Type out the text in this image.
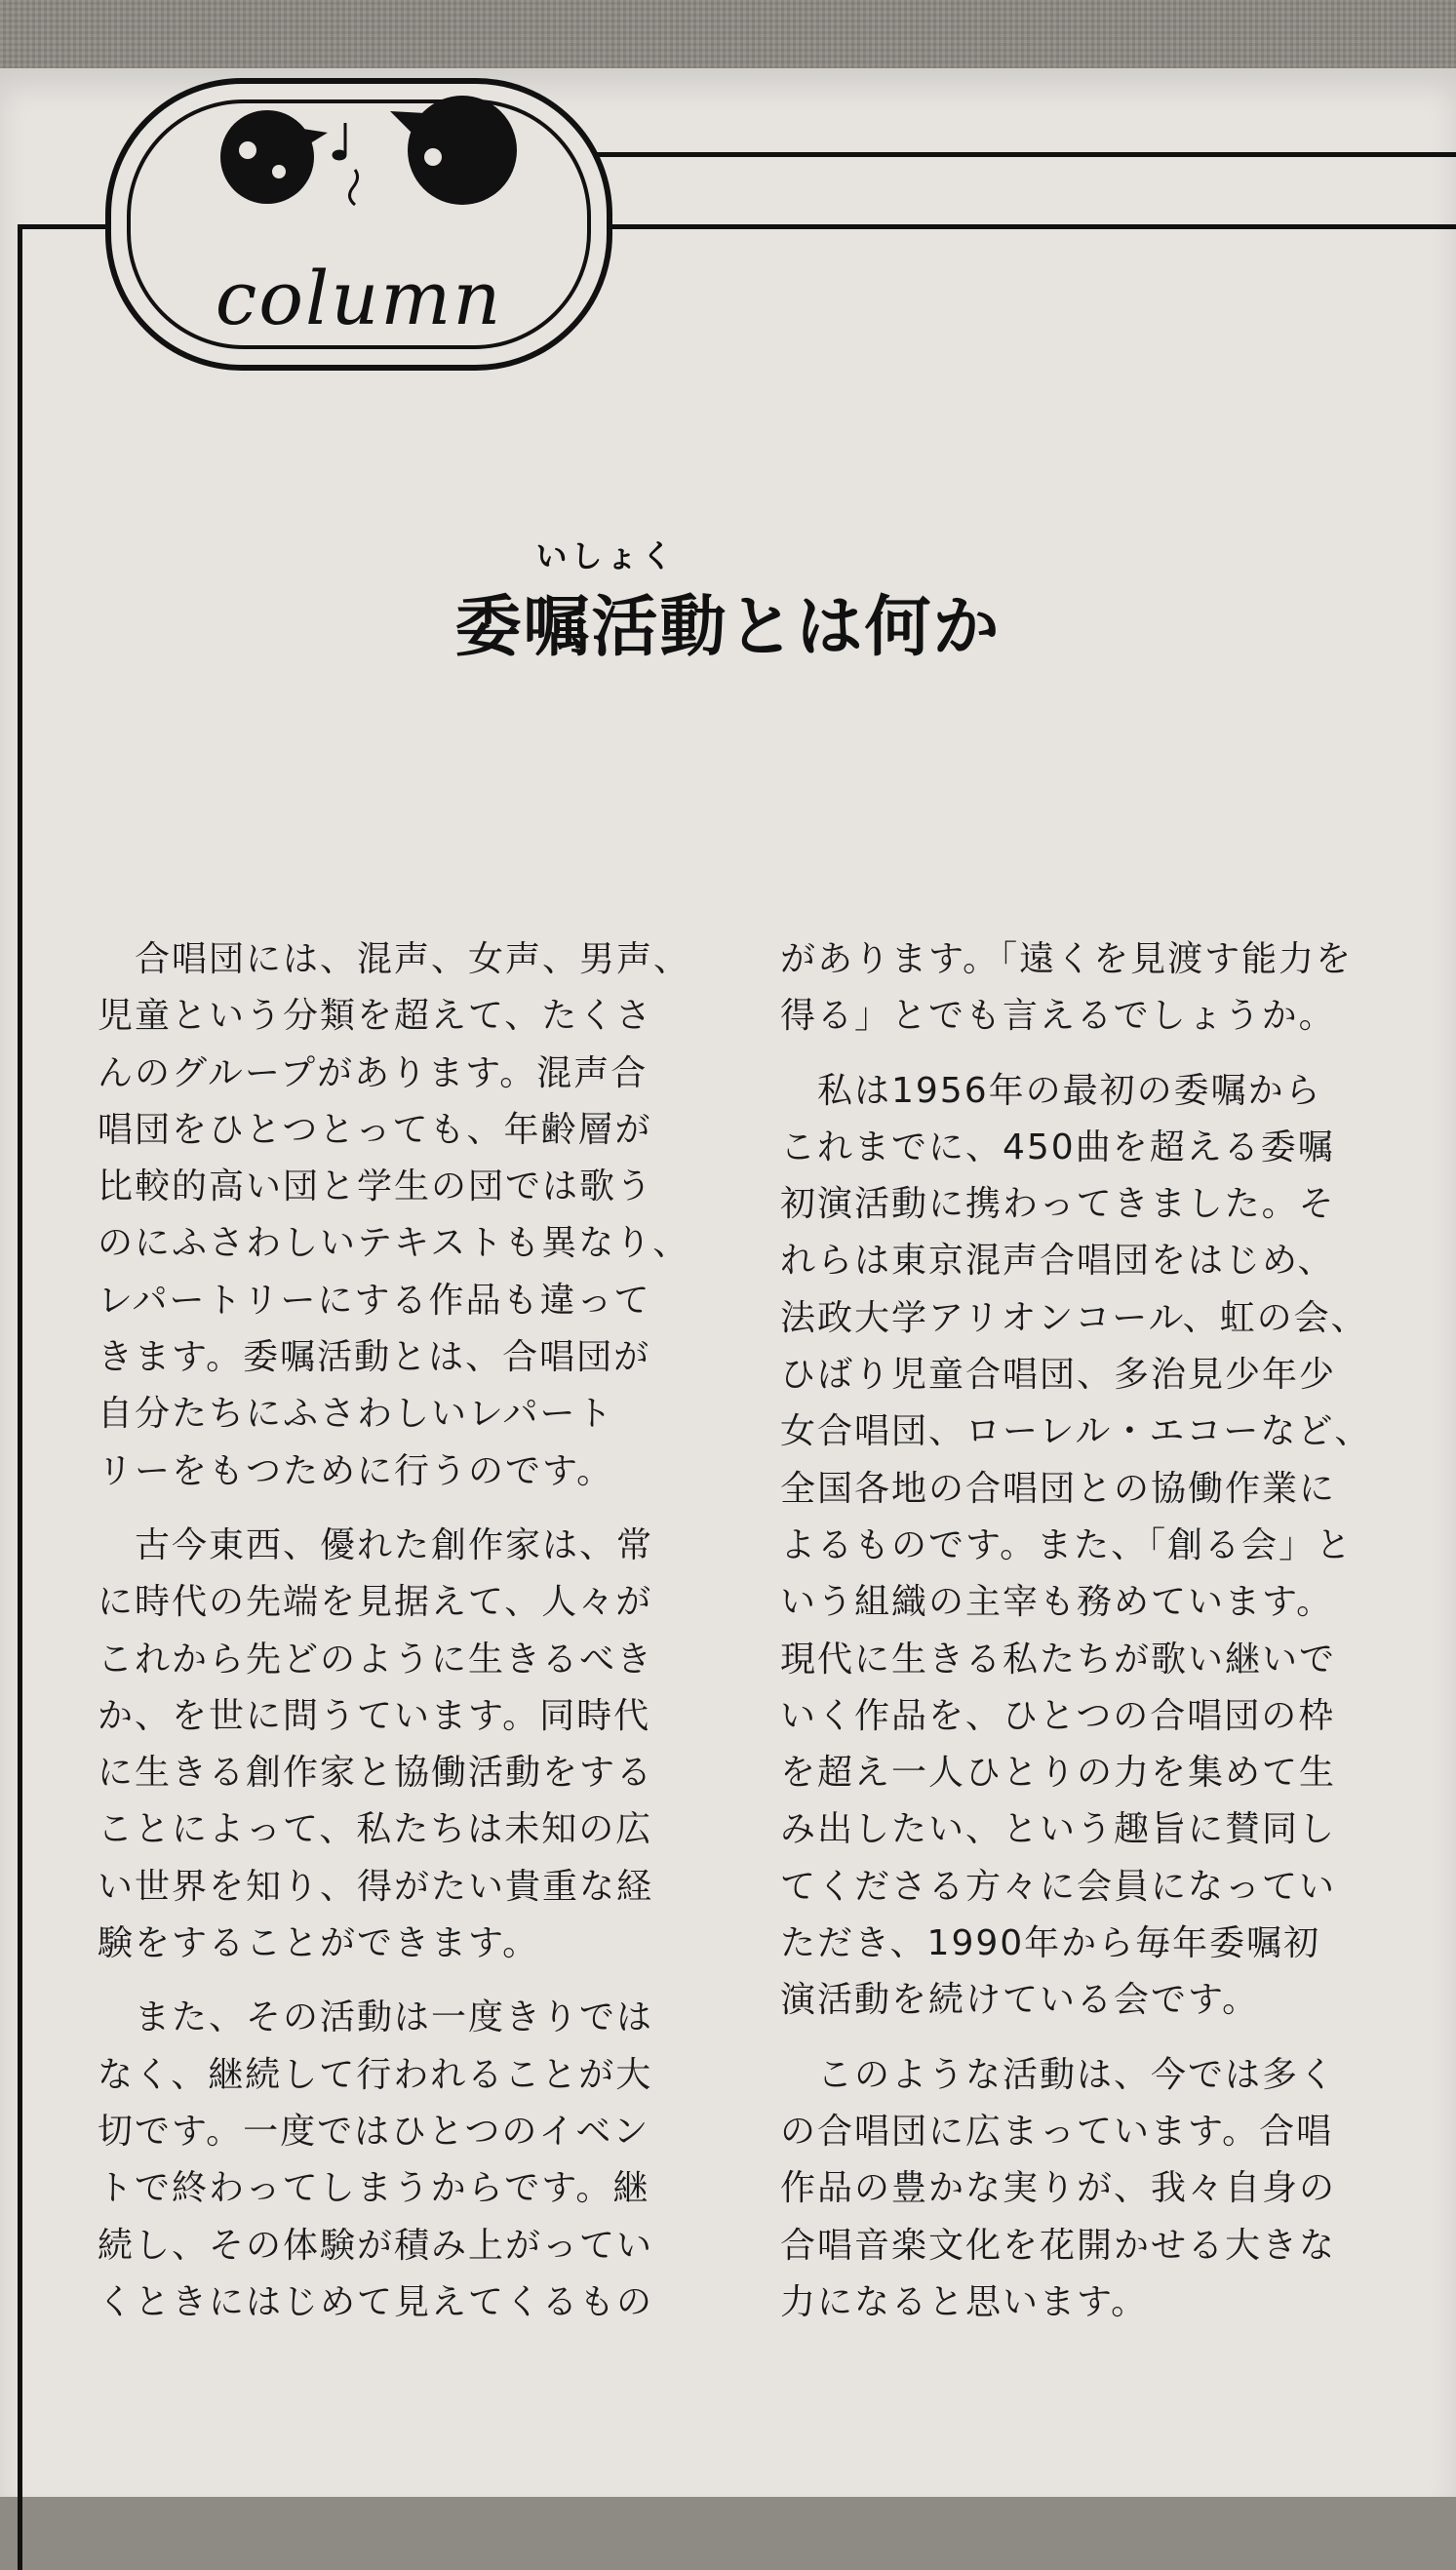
column
いしょく
委嘱活動とは何か
　合唱団には、混声、女声、男声、
児童という分類を超えて、たくさ
んのグループがあります。混声合
唱団をひとつとっても、年齢層が
比較的高い団と学生の団では歌う
のにふさわしいテキストも異なり、
レパートリーにする作品も違って
きます。委嘱活動とは、合唱団が
自分たちにふさわしいレパート
リーをもつために行うのです。
　古今東西、優れた創作家は、常
に時代の先端を見据えて、人々が
これから先どのように生きるべき
か、を世に問うています。同時代
に生きる創作家と協働活動をする
ことによって、私たちは未知の広
い世界を知り、得がたい貴重な経
験をすることができます。
　また、その活動は一度きりでは
なく、継続して行われることが大
切です。一度ではひとつのイベン
トで終わってしまうからです。継
続し、その体験が積み上がってい
くときにはじめて見えてくるもの
があります。「遠くを見渡す能力を
得る」とでも言えるでしょうか。
　私は1956年の最初の委嘱から
これまでに、450曲を超える委嘱
初演活動に携わってきました。そ
れらは東京混声合唱団をはじめ、
法政大学アリオンコール、虹の会、
ひばり児童合唱団、多治見少年少
女合唱団、ローレル・エコーなど、
全国各地の合唱団との協働作業に
よるものです。また、「創る会」と
いう組織の主宰も務めています。
現代に生きる私たちが歌い継いで
いく作品を、ひとつの合唱団の枠
を超え一人ひとりの力を集めて生
み出したい、という趣旨に賛同し
てくださる方々に会員になってい
ただき、1990年から毎年委嘱初
演活動を続けている会です。
　このような活動は、今では多く
の合唱団に広まっています。合唱
作品の豊かな実りが、我々自身の
合唱音楽文化を花開かせる大きな
力になると思います。
